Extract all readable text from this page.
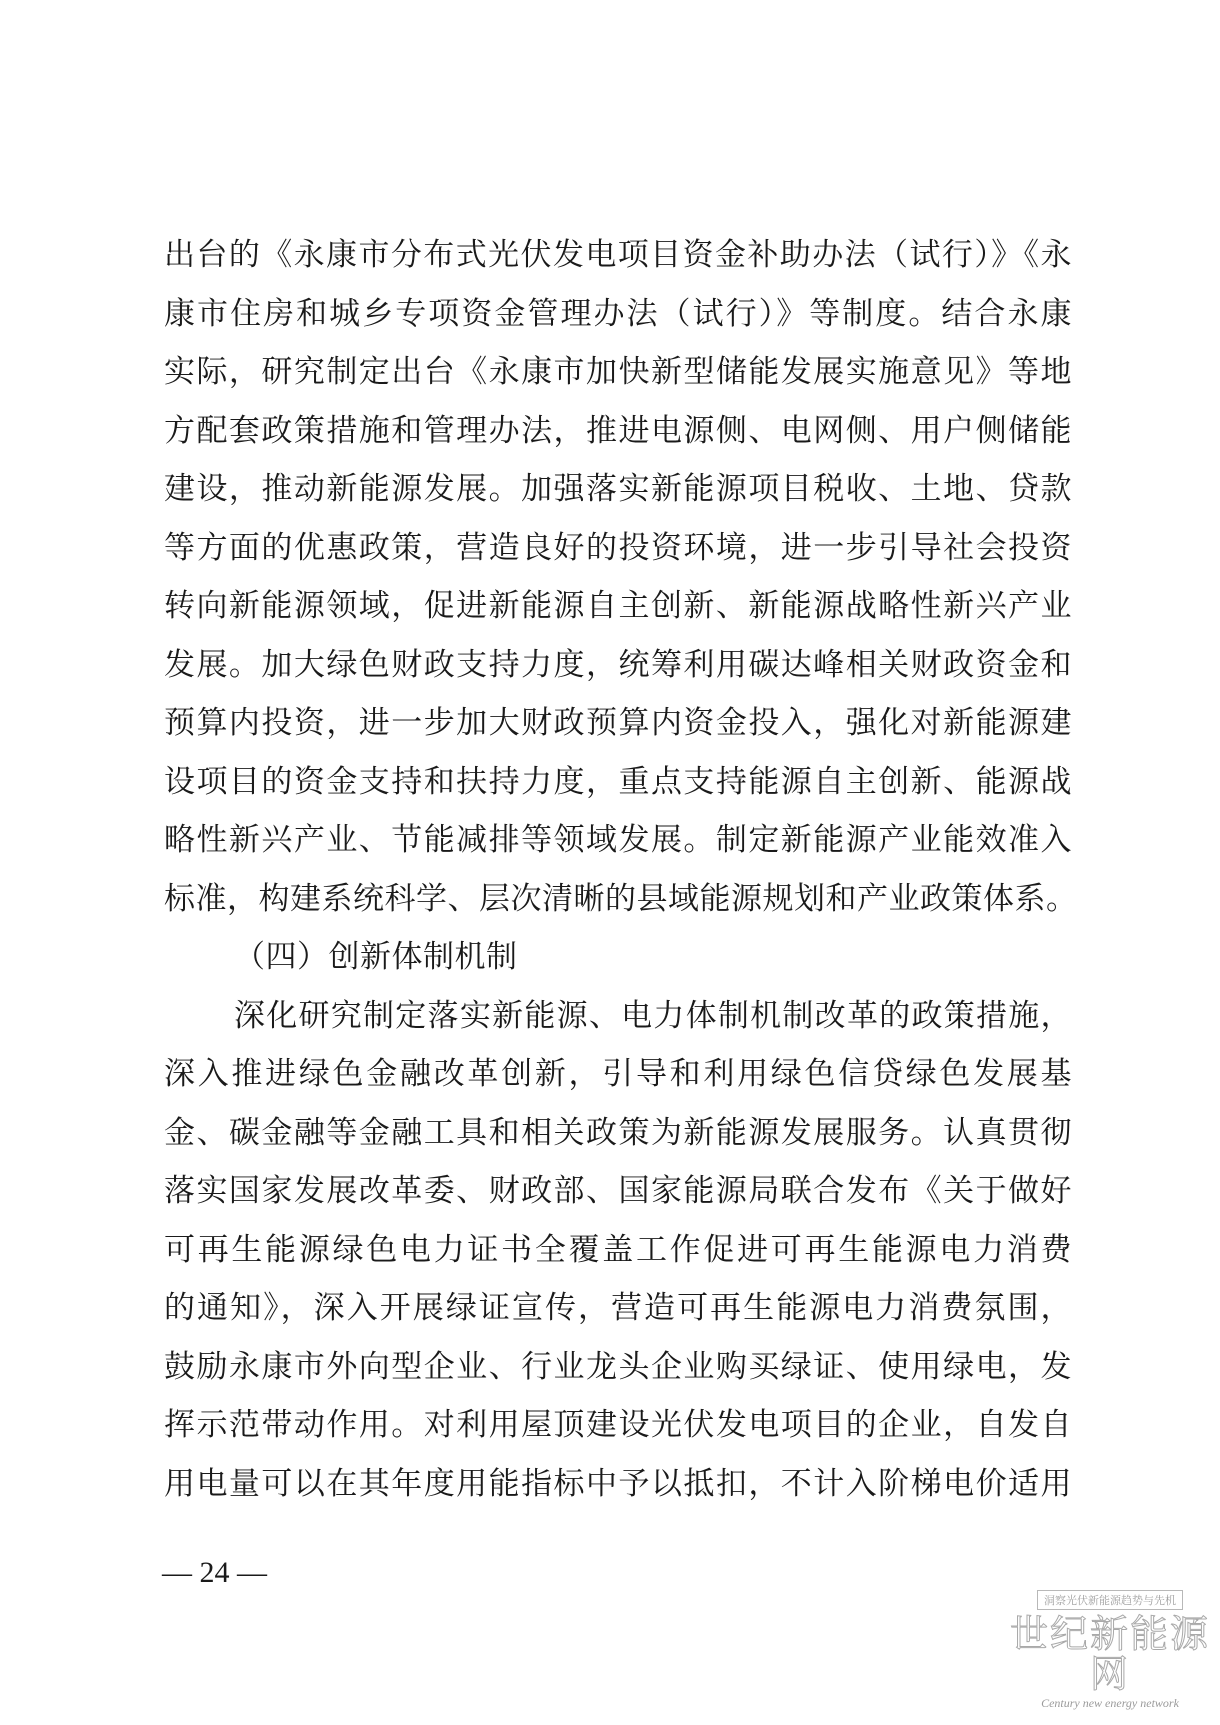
出台的《永康市分布式光伏发电项目资金补助办法（试行）》《永
康市住房和城乡专项资金管理办法（试行）》等制度。结合永康
实际，研究制定出台《永康市加快新型储能发展实施意见》等地
方配套政策措施和管理办法，推进电源侧、电网侧、用户侧储能
建设，推动新能源发展。加强落实新能源项目税收、土地、贷款
等方面的优惠政策，营造良好的投资环境，进一步引导社会投资
转向新能源领域，促进新能源自主创新、新能源战略性新兴产业
发展。加大绿色财政支持力度，统筹利用碳达峰相关财政资金和
预算内投资，进一步加大财政预算内资金投入，强化对新能源建
设项目的资金支持和扶持力度，重点支持能源自主创新、能源战
略性新兴产业、节能减排等领域发展。制定新能源产业能效准入
标准，构建系统科学、层次清晰的县域能源规划和产业政策体系。
（四）创新体制机制
深化研究制定落实新能源、电力体制机制改革的政策措施，
深入推进绿色金融改革创新，引导和利用绿色信贷绿色发展基
金、碳金融等金融工具和相关政策为新能源发展服务。认真贯彻
落实国家发展改革委、财政部、国家能源局联合发布《关于做好
可再生能源绿色电力证书全覆盖工作促进可再生能源电力消费
的通知》，深入开展绿证宣传，营造可再生能源电力消费氛围，
鼓励永康市外向型企业、行业龙头企业购买绿证、使用绿电，发
挥示范带动作用。对利用屋顶建设光伏发电项目的企业，自发自
用电量可以在其年度用能指标中予以抵扣，不计入阶梯电价适用
— 24 —
洞察光伏新能源趋势与先机
世纪新能源网
Century new energy network
